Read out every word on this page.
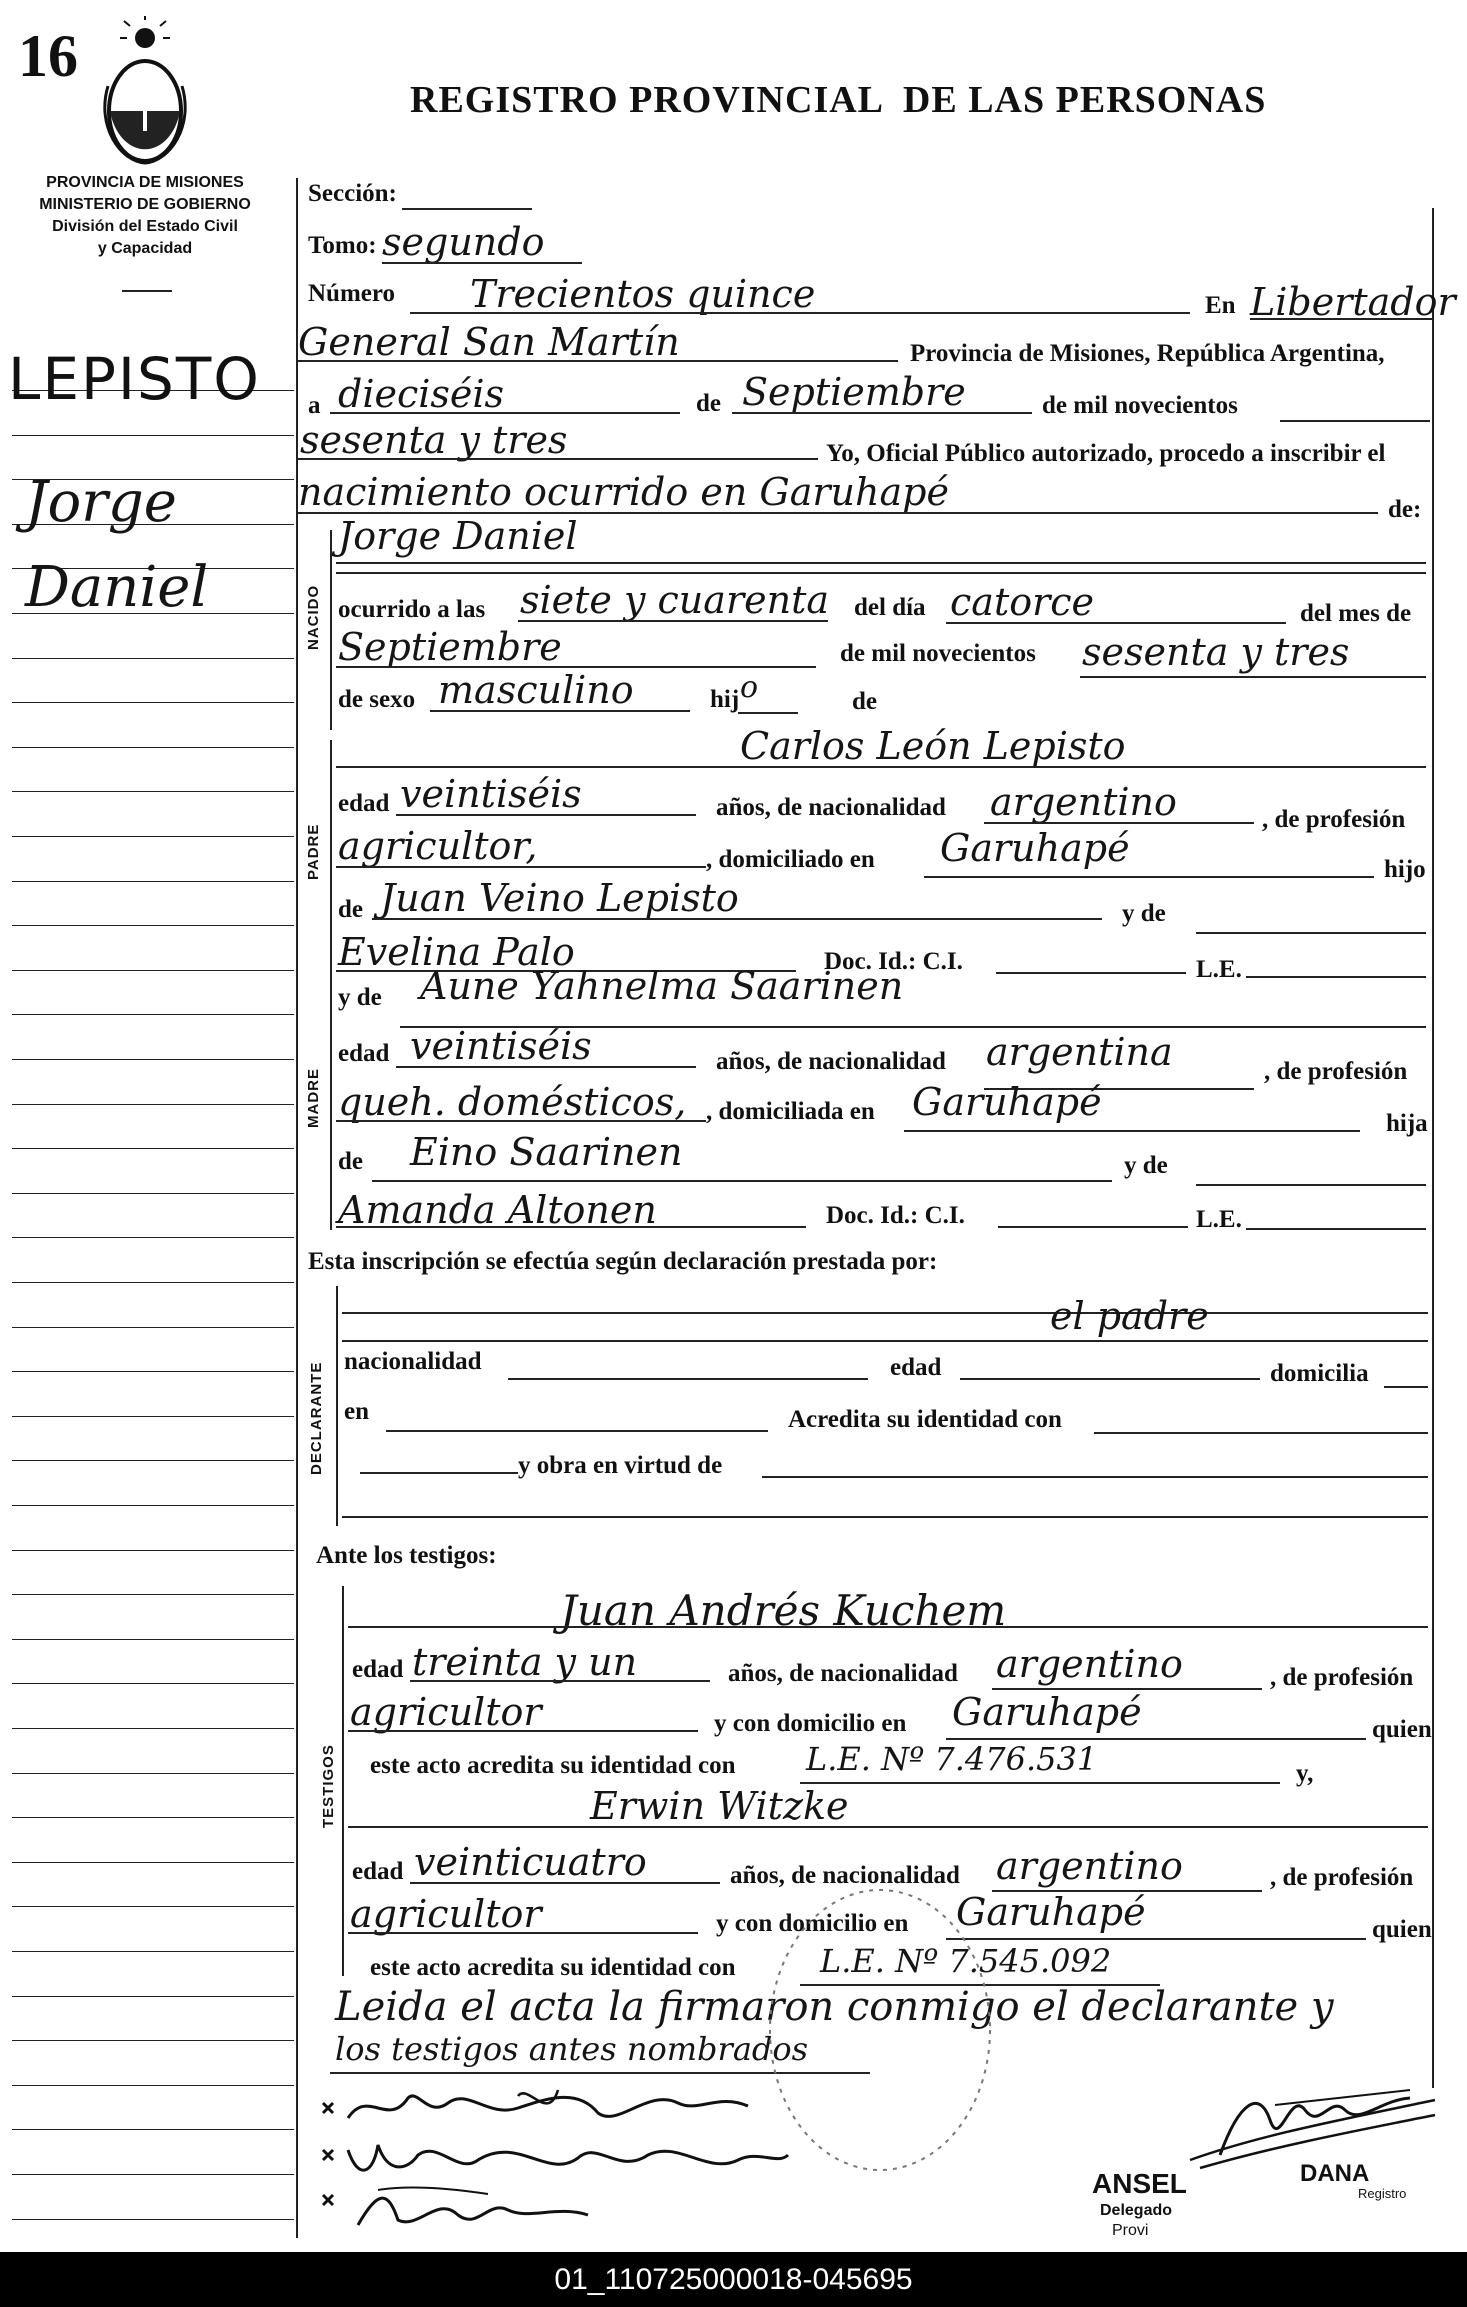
16
REGISTRO PROVINCIAL  DE LAS PERSONAS
PROVINCIA DE MISIONES
MINISTERIO DE GOBIERNO
División del Estado Civil
y Capacidad
LEPISTO
Jorge
Daniel
Sección:
Tomo: segundo
Número Trecientos quince	En Libertador
General San Martín	Provincia de Misiones, República Argentina,
a dieciséis	de Septiembre	de mil novecientos
sesenta y tres	Yo, Oficial Público autorizado, procedo a inscribir el
nacimiento ocurrido en Garuhapé	de:
NACIDO
Jorge Daniel
ocurrido a las siete y cuarenta del día catorce	del mes de
Septiembre	de mil novecientos sesenta y tres
de sexo masculino	hij o	de
PADRE
Carlos León Lepisto
edad veintiséis	años, de nacionalidad argentino	, de profesión
agricultor,	, domiciliado en Garuhapé	hijo
de Juan Veino Lepisto	y de
Evelina Palo	Doc. Id.: C.I.	L.E.
MADRE
y de Aune Yahnelma Saarinen
edad veintiséis	años, de nacionalidad argentina	, de profesión
queh. domésticos, , domiciliada en Garuhapé	hija
de Eino Saarinen	y de
Amanda Altonen	Doc. Id.: C.I.	L.E.
Esta inscripción se efectúa según declaración prestada por:
DECLARANTE
el padre
nacionalidad	edad	domicilia
en	Acredita su identidad con
y obra en virtud de
Ante los testigos:
TESTIGOS
Juan Andrés Kuchem
edad treinta y un	años, de nacionalidad argentino	, de profesión
agricultor	y con domicilio en Garuhapé	quien
este acto acredita su identidad con L.E. Nº 7.476.531	y,
Erwin Witzke
edad veinticuatro	años, de nacionalidad argentino	, de profesión
agricultor	y con domicilio en Garuhapé	quien
este acto acredita su identidad con	L.E. Nº 7.545.092
Leida el acta la firmaron conmigo el declarante y
los testigos antes nombrados
ANSEL	DANA
Delegado
Provi
Registro
01_110725000018-045695
